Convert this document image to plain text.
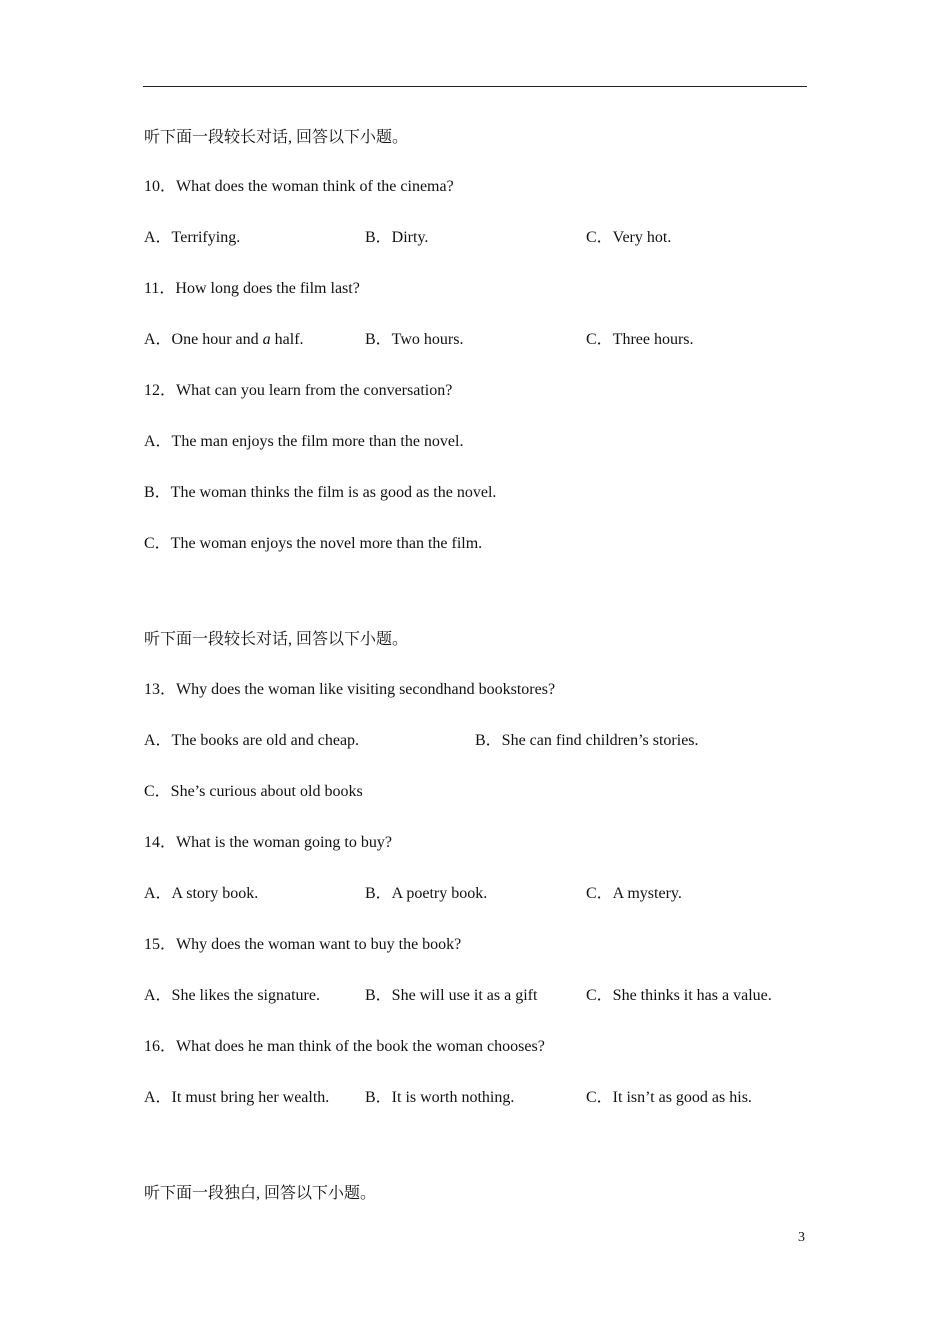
听下面一段较长对话, 回答以下小题。
10．What does the woman think of the cinema?
A．Terrifying.	B．Dirty.	C．Very hot.
11．How long does the film last?
A．One hour and a half.	B．Two hours.	C．Three hours.
12．What can you learn from the conversation?
A．The man enjoys the film more than the novel.
B．The woman thinks the film is as good as the novel.
C．The woman enjoys the novel more than the film.
听下面一段较长对话, 回答以下小题。
13．Why does the woman like visiting secondhand bookstores?
A．The books are old and cheap.	B．She can find children’s stories.
C．She’s curious about old books
14．What is the woman going to buy?
A．A story book.	B．A poetry book.	C．A mystery.
15．Why does the woman want to buy the book?
A．She likes the signature.	B．She will use it as a gift	C．She thinks it has a value.
16．What does he man think of the book the woman chooses?
A．It must bring her wealth. B．It is worth nothing.	C．It isn’t as good as his.
听下面一段独白, 回答以下小题。
3
